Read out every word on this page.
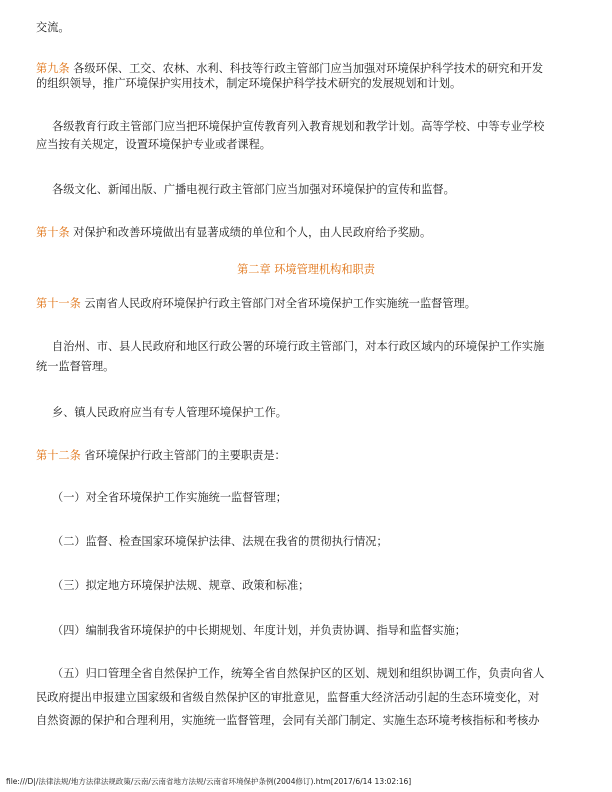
交流。
第九条 各级环保、工交、农林、水利、科技等行政主管部门应当加强对环境保护科学技术的研究和开发
的组织领导，推广环境保护实用技术，制定环境保护科学技术研究的发展规划和计划。
各级教育行政主管部门应当把环境保护宣传教育列入教育规划和教学计划。高等学校、中等专业学校
应当按有关规定，设置环境保护专业或者课程。
各级文化、新闻出版、广播电视行政主管部门应当加强对环境保护的宣传和监督。
第十条 对保护和改善环境做出有显著成绩的单位和个人，由人民政府给予奖励。
第二章 环境管理机构和职责
第十一条 云南省人民政府环境保护行政主管部门对全省环境保护工作实施统一监督管理。
自治州、市、县人民政府和地区行政公署的环境行政主管部门，对本行政区域内的环境保护工作实施
统一监督管理。
乡、镇人民政府应当有专人管理环境保护工作。
第十二条 省环境保护行政主管部门的主要职责是：
（一）对全省环境保护工作实施统一监督管理；
（二）监督、检查国家环境保护法律、法规在我省的贯彻执行情况；
（三）拟定地方环境保护法规、规章、政策和标准；
（四）编制我省环境保护的中长期规划、年度计划，并负责协调、指导和监督实施；
（五）归口管理全省自然保护工作，统筹全省自然保护区的区划、规划和组织协调工作，负责向省人
民政府提出申报建立国家级和省级自然保护区的审批意见，监督重大经济活动引起的生态环境变化，对
自然资源的保护和合理利用，实施统一监督管理，会同有关部门制定、实施生态环境考核指标和考核办
file:///D|/法律法规/地方法律法规政策/云南/云南省地方法规/云南省环境保护条例(2004修订).htm[2017/6/14 13:02:16]
